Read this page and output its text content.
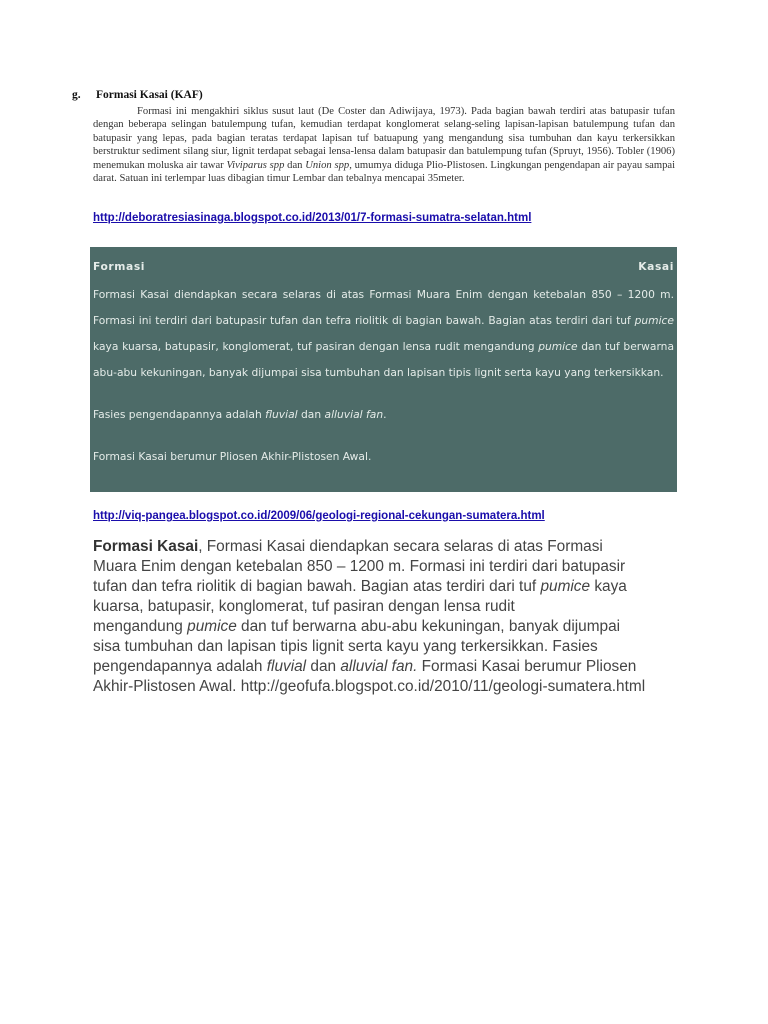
g. Formasi Kasai (KAF)

Formasi ini mengakhiri siklus susut laut (De Coster dan Adiwijaya, 1973). Pada bagian bawah terdiri atas batupasir tufan dengan beberapa selingan batulempung tufan, kemudian terdapat konglomerat selang-seling lapisan-lapisan batulempung tufan dan batupasir yang lepas, pada bagian teratas terdapat lapisan tuf batuapung yang mengandung sisa tumbuhan dan kayu terkersikkan berstruktur sediment silang siur, lignit terdapat sebagai lensa-lensa dalam batupasir dan batulempung tufan (Spruyt, 1956). Tobler (1906) menemukan moluska air tawar Viviparus spp dan Union spp, umumya diduga Plio-Plistosen. Lingkungan pengendapan air payau sampai darat. Satuan ini terlempar luas dibagian timur Lembar dan tebalnya mencapai 35meter.

http://deboratresiasinaga.blogspot.co.id/2013/01/7-formasi-sumatra-selatan.html
Formasi	Kasai

Formasi Kasai diendapkan secara selaras di atas Formasi Muara Enim dengan ketebalan 850 – 1200 m. Formasi ini terdiri dari batupasir tufan dan tefra riolitik di bagian bawah. Bagian atas terdiri dari tuf pumice kaya kuarsa, batupasir, konglomerat, tuf pasiran dengan lensa rudit mengandung pumice dan tuf berwarna abu-abu kekuningan, banyak dijumpai sisa tumbuhan dan lapisan tipis lignit serta kayu yang terkersikkan.

Fasies pengendapannya adalah fluvial dan alluvial fan.

Formasi Kasai berumur Pliosen Akhir-Plistosen Awal.

http://viq-pangea.blogspot.co.id/2009/06/geologi-regional-cekungan-sumatera.html

Formasi Kasai, Formasi Kasai diendapkan secara selaras di atas Formasi
Muara Enim dengan ketebalan 850 – 1200 m. Formasi ini terdiri dari batupasir
tufan dan tefra riolitik di bagian bawah. Bagian atas terdiri dari tuf pumice kaya
kuarsa, batupasir, konglomerat, tuf pasiran dengan lensa rudit
mengandung pumice dan tuf berwarna abu-abu kekuningan, banyak dijumpai
sisa tumbuhan dan lapisan tipis lignit serta kayu yang terkersikkan. Fasies
pengendapannya adalah fluvial dan alluvial fan. Formasi Kasai berumur Pliosen
Akhir-Plistosen Awal. http://geofufa.blogspot.co.id/2010/11/geologi-sumatera.html
